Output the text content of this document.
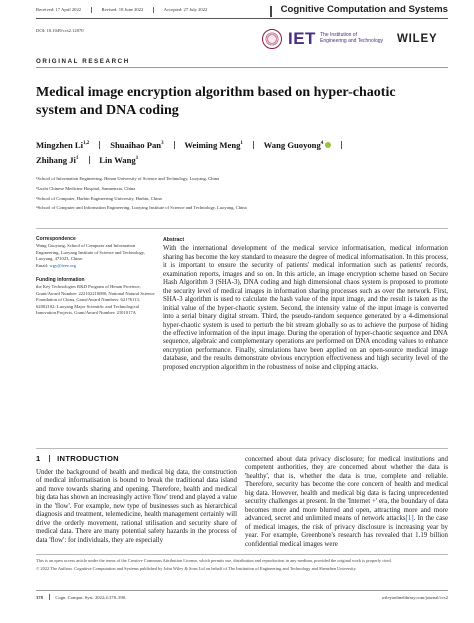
Received: 17 April 2022	Revised: 18 June 2022	Accepted: 27 July 2022	Cognitive Computation and Systems
DOI: 10.1049/ccs2.12070	IET The Institution of
Engineering and Technology WILEY
ORIGINAL RESEARCH
Medical image encryption algorithm based on hyper-chaotic system and DNA coding
Mingzhen Li$^{1,2}$ Shuaihao Pan$^3$ Weiming Meng$^1$ Wang Guoyong$^4$
Zhihang Ji$^1$ Lin Wang$^1$
¹School of Information Engineering, Henan University of Science and Technology, Luoyang, China
²Luzhi Chinese Medicine Hospital, Sanmenxia, China
³School of Computer, Harbin Engineering University, Harbin, China
⁴School of Computer and Information Engineering, Luoyang Institute of Science and Technology, Luoyang, China
Correspondence
Wang Guoyong, School of Computer and Information Engineering, Luoyang Institute of Science and Technology, Luoyang, 471023, China.
Email: wgy@ieee.org
Funding information
the Key Technologies R&D Program of Henan Province, Grant/Award Number: 222102210080; National Natural Science Foundation of China, Grant/Award Numbers: 62176113, 62002102; Luoyang Major Scientific and Technological Innovation Projects, Grant/Award Number: 2101017A
Abstract
With the international development of the medical service informatisation, medical information sharing has become the key standard to measure the degree of medical informatisation. In this process, it is important to ensure the security of patients' medical information such as patients' records, examination reports, images and so on. In this article, an image encryption scheme based on Secure Hash Algorithm 3 (SHA-3), DNA coding and high dimensional chaos system is proposed to promote the security level of medical images in information sharing processes such as over the network. First, SHA-3 algorithm is used to calculate the hash value of the input image, and the result is taken as the initial value of the hyper-chaotic system. Second, the intensity value of the input image is converted into a serial binary digital stream. Third, the pseudo-random sequence generated by a 4-dimensional hyper-chaotic system is used to perturb the bit stream globally so as to achieve the purpose of hiding the effective information of the input image. During the operation of hyper-chaotic sequence and DNA sequence, algebraic and complementary operations are performed on DNA encoding values to enhance encryption performance. Finally, simulations have been applied on an open-source medical image database, and the results demonstrate obvious encryption effectiveness and high security level of the proposed encryption algorithm in the robustness of noise and clipping attacks.
1 INTRODUCTION
Under the background of health and medical big data, the construction of medical informatisation is bound to break the traditional data island and move towards sharing and opening. Therefore, health and medical big data has shown an increasingly active 'flow' trend and played a value in the 'flow'. For example, new type of businesses such as hierarchical diagnosis and treatment, telemedicine, health management certainly will drive the orderly movement, rational utilisation and security share of medical data. There are many potential safety hazards in the process of data 'flow': for individuals, they are especially
concerned about data privacy disclosure; for medical institutions and competent authorities, they are concerned about whether the data is 'healthy', that is, whether the data is true, complete and reliable. Therefore, security has become the core concern of health and medical big data. However, health and medical big data is facing unprecedented security challenges at present. In the 'Internet +' era, the boundary of data becomes more and more blurred and open, attracting more and more advanced, secret and unlimited means of network attacks[1]. In the case of medical images, the risk of privacy disclosure is increasing year by year. For example, Greenbone's research has revealed that 1.19 billion confidential medical images were

This is an open access article under the terms of the Creative Commons Attribution License, which permits use, distribution and reproduction in any medium, provided the original work is properly cited.

© 2022 The Authors. Cognitive Computation and Systems published by John Wiley & Sons Ltd on behalf of The Institution of Engineering and Technology and Shenzhen University.

378	Cogn. Comput. Syst. 2022;4:378–390.	wileyonlinelibrary.com/journal/ccs2
